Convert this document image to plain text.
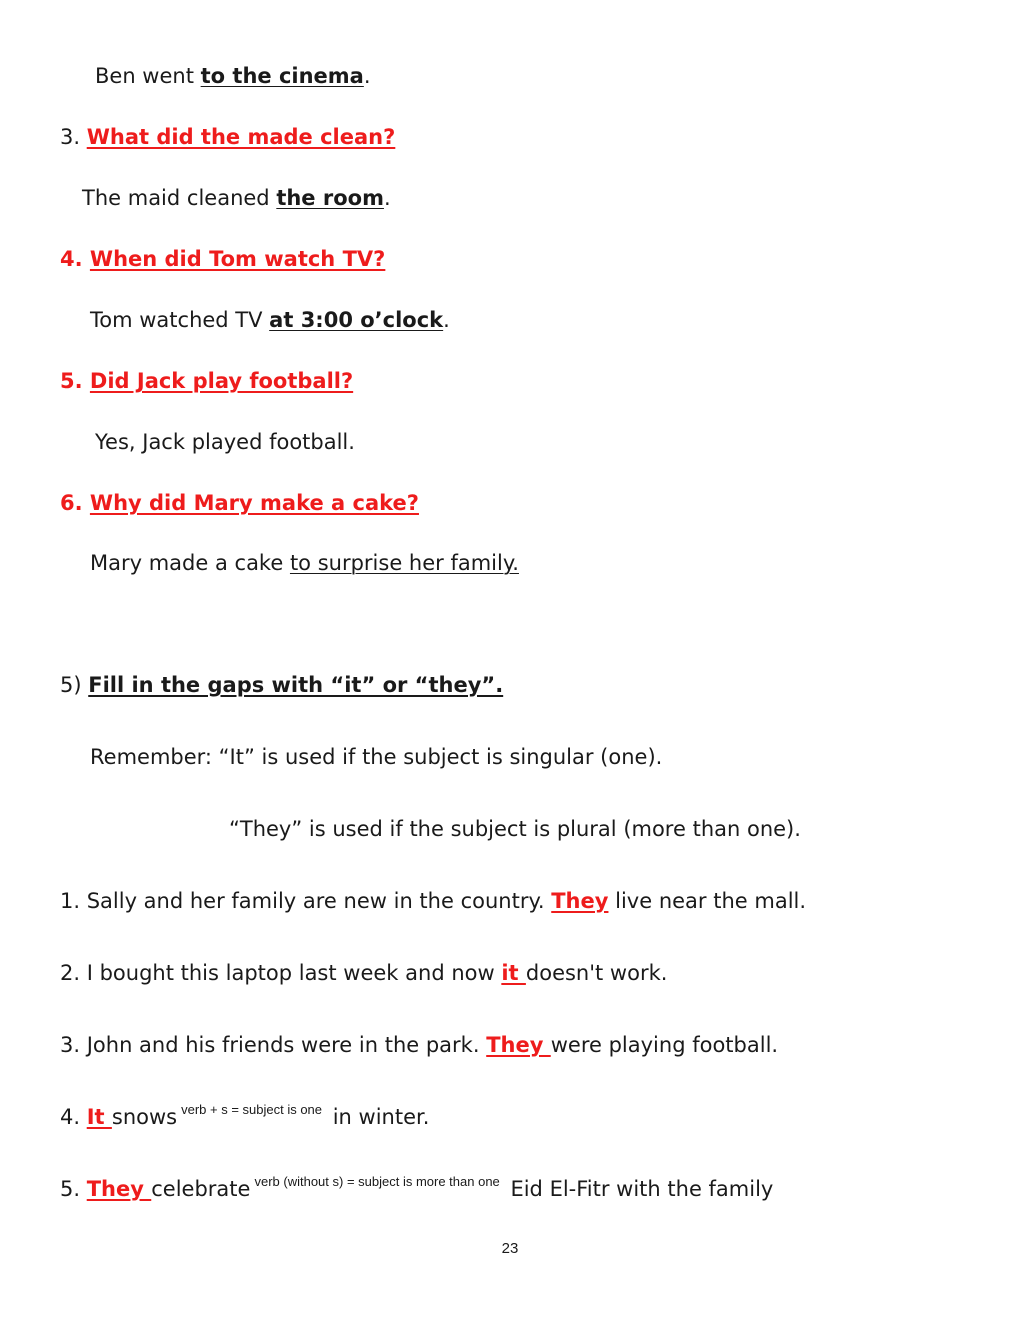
Ben went to the cinema.
3. What did the made clean?
The maid cleaned the room.
4. When did Tom watch TV?
Tom watched TV at 3:00 o’clock.
5. Did Jack play football?
Yes, Jack played football.
6. Why did Mary make a cake?
Mary made a cake to surprise her family.
5) Fill in the gaps with “it” or “they”.
Remember: “It” is used if the subject is singular (one).
“They” is used if the subject is plural (more than one).
1. Sally and her family are new in the country. They live near the mall.
2. I bought this laptop last week and now it doesn't work.
3. John and his friends were in the park. They were playing football.
4. It snows $^{verb + s = subject is one}$ in winter.
5. They celebrate $^{verb (without s) = subject is more than one}$ Eid El-Fitr with the family
23
